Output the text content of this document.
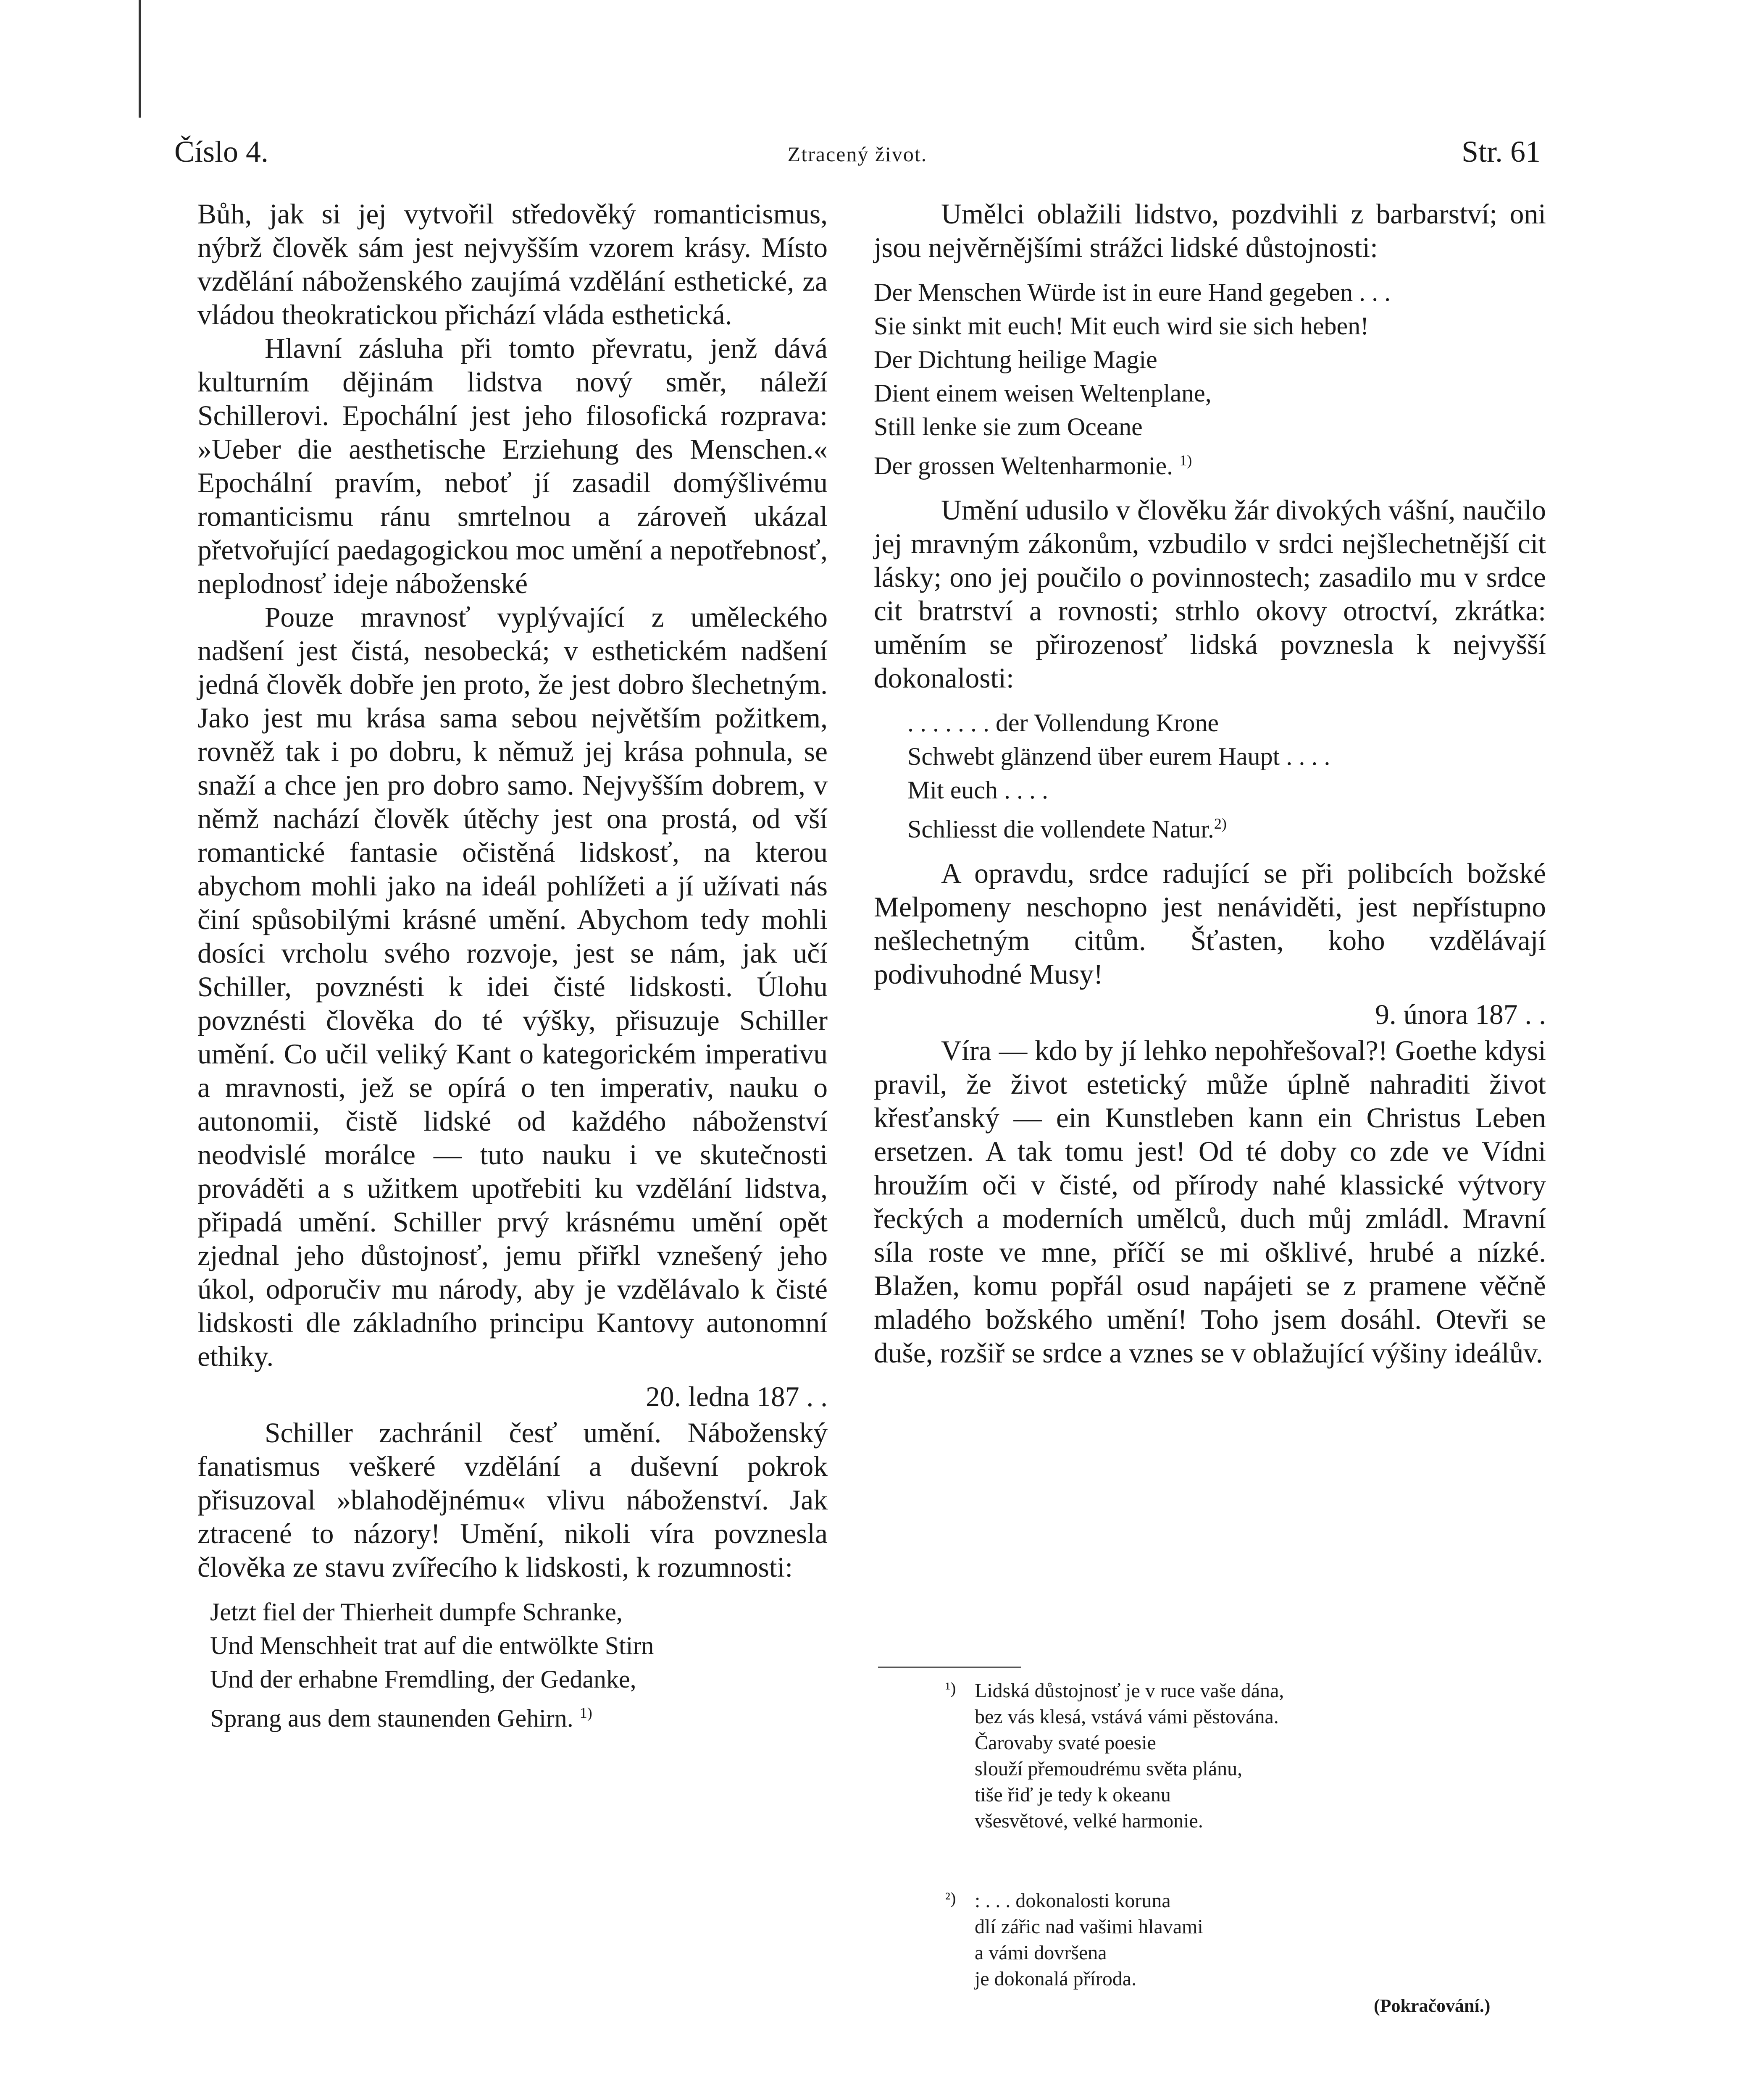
Číslo 4.	Ztracený život.	Str. 61

Bůh, jak si jej vytvořil středověký romanticismus, nýbrž člověk sám jest nejvyšším vzorem krásy. Místo vzdělání náboženského zaujímá vzdělání esthetické, za vládou theokratickou přichází vláda esthetická.

Hlavní zásluha při tomto převratu, jenž dává kulturním dějinám lidstva nový směr, náleží Schillerovi. Epochální jest jeho filosofická rozprava: »Ueber die aesthetische Erziehung des Menschen.« Epochální pravím, neboť jí zasadil domýšlivému romanticismu ránu smrtelnou a zároveň ukázal přetvořující paedagogickou moc umění a nepotřebnosť, neplodnosť ideje náboženské

Pouze mravnosť vyplývající z uměleckého nadšení jest čistá, nesobecká; v esthetickém nadšení jedná člověk dobře jen proto, že jest dobro šlechetným. Jako jest mu krása sama sebou největším požitkem, rovněž tak i po dobru, k němuž jej krása pohnula, se snaží a chce jen pro dobro samo. Nejvyšším dobrem, v němž nachází člověk útěchy jest ona prostá, od vší romantické fantasie očistěná lidskosť, na kterou abychom mohli jako na ideál pohlížeti a jí užívati nás činí spůsobilými krásné umění. Abychom tedy mohli dosíci vrcholu svého rozvoje, jest se nám, jak učí Schiller, povznésti k idei čisté lidskosti. Úlohu povznésti člověka do té výšky, přisuzuje Schiller umění. Co učil veliký Kant o kategorickém imperativu a mravnosti, jež se opírá o ten imperativ, nauku o autonomii, čistě lidské od každého náboženství neodvislé morálce — tuto nauku i ve skutečnosti prováděti a s užitkem upotřebiti ku vzdělání lidstva, připadá umění. Schiller prvý krásnému umění opět zjednal jeho důstojnosť, jemu přiřkl vznešený jeho úkol, odporučiv mu národy, aby je vzdělávalo k čisté lidskosti dle základního principu Kantovy autonomní ethiky.

20. ledna 187 . .

Schiller zachránil česť umění. Náboženský fanatismus veškeré vzdělání a duševní pokrok přisuzoval »blahodějnému« vlivu náboženství. Jak ztracené to názory! Umění, nikoli víra povznesla člověka ze stavu zvířecího k lidskosti, k rozumnosti:

Jetzt fiel der Thierheit dumpfe Schranke,
Und Menschheit trat auf die entwölkte Stirn
Und der erhabne Fremdling, der Gedanke,
Sprang aus dem staunenden Gehirn. $^{1)}$

Umělci oblažili lidstvo, pozdvihli z barbarství; oni jsou nejvěrnějšími strážci lidské důstojnosti:

Der Menschen Würde ist in eure Hand gegeben . . .
Sie sinkt mit euch! Mit euch wird sie sich heben!
Der Dichtung heilige Magie
Dient einem weisen Weltenplane,
Still lenke sie zum Oceane
Der grossen Weltenharmonie. $^{1)}$

Umění udusilo v člověku žár divokých vášní, naučilo jej mravným zákonům, vzbudilo v srdci nejšlechetnější cit lásky; ono jej poučilo o povinnostech; zasadilo mu v srdce cit bratrství a rovnosti; strhlo okovy otroctví, zkrátka: uměním se přirozenosť lidská povznesla k nejvyšší dokonalosti:

. . . . . . . der Vollendung Krone
Schwebt glänzend über eurem Haupt . . . .
Mit euch . . . .
Schliesst die vollendete Natur.$^{2)}$

A opravdu, srdce radující se při polibcích božské Melpomeny neschopno jest nenáviděti, jest nepřístupno nešlechetným citům. Šťasten, koho vzdělávají podivuhodné Musy!

9. února 187 . .

Víra — kdo by jí lehko nepohřešoval?! Goethe kdysi pravil, že život estetický může úplně nahraditi život křesťanský — ein Kunstleben kann ein Christus Leben ersetzen. A tak tomu jest! Od té doby co zde ve Vídni hroužím oči v čisté, od přírody nahé klassické výtvory řeckých a moderních umělců, duch můj zmládl. Mravní síla roste ve mne, příčí se mi ošklivé, hrubé a nízké. Blažen, komu popřál osud napájeti se z pramene věčně mladého božského umění! Toho jsem dosáhl. Otevři se duše, rozšiř se srdce a vznes se v oblažující výšiny ideálův.

¹) Lidská důstojnosť je v ruce vaše dána,
bez vás klesá, vstává vámi pěstována.
Čarovaby svaté poesie
slouží přemoudrému světa plánu,
tiše řiď je tedy k okeanu
všesvětové, velké harmonie.
²) : . . . dokonalosti koruna
dlí zářic nad vašimi hlavami
a vámi dovršena
je dokonalá příroda.
(Pokračování.)
